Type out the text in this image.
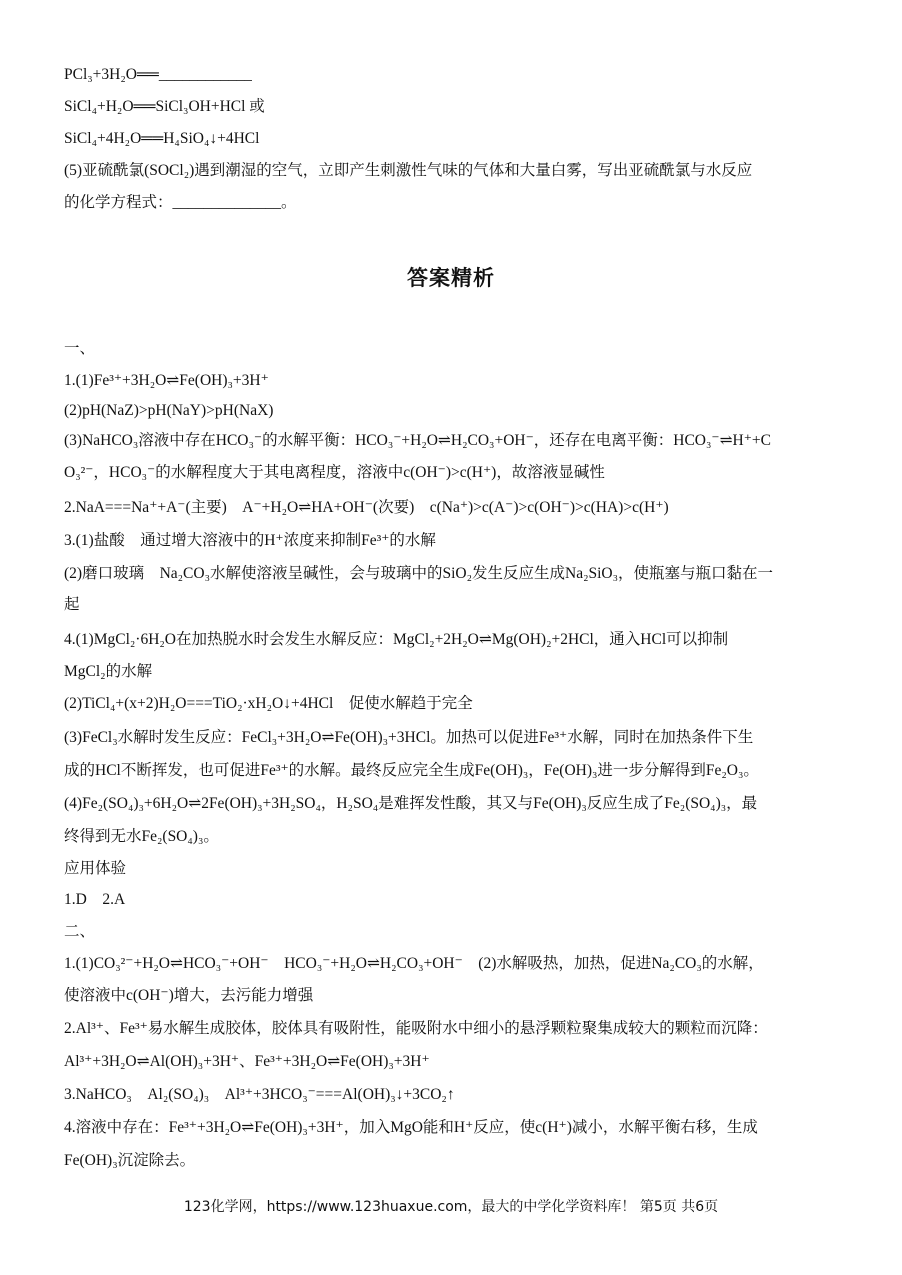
PCl₃+3H₂O══____________
SiCl₄+H₂O══SiCl₃OH+HCl 或
SiCl₄+4H₂O══H₄SiO₄↓+4HCl
(5)亚硫酰氯(SOCl₂)遇到潮湿的空气，立即产生刺激性气味的气体和大量白雾，写出亚硫酰氯与水反应
的化学方程式：______________。
答案精析
一、
1.(1)Fe³⁺+3H₂O⇌Fe(OH)₃+3H⁺
(2)pH(NaZ)>pH(NaY)>pH(NaX)
(3)NaHCO₃溶液中存在HCO₃⁻的水解平衡：HCO₃⁻+H₂O⇌H₂CO₃+OH⁻，还存在电离平衡：HCO₃⁻⇌H⁺+C
O₃²⁻，HCO₃⁻的水解程度大于其电离程度，溶液中c(OH⁻)>c(H⁺)，故溶液显碱性
2.NaA===Na⁺+A⁻(主要)　A⁻+H₂O⇌HA+OH⁻(次要)　c(Na⁺)>c(A⁻)>c(OH⁻)>c(HA)>c(H⁺)
3.(1)盐酸　通过增大溶液中的H⁺浓度来抑制Fe³⁺的水解
(2)磨口玻璃　Na₂CO₃水解使溶液呈碱性，会与玻璃中的SiO₂发生反应生成Na₂SiO₃，使瓶塞与瓶口黏在一
起
4.(1)MgCl₂·6H₂O在加热脱水时会发生水解反应：MgCl₂+2H₂O⇌Mg(OH)₂+2HCl，通入HCl可以抑制
MgCl₂的水解
(2)TiCl₄+(x+2)H₂O===TiO₂·xH₂O↓+4HCl　促使水解趋于完全
(3)FeCl₃水解时发生反应：FeCl₃+3H₂O⇌Fe(OH)₃+3HCl。加热可以促进Fe³⁺水解，同时在加热条件下生
成的HCl不断挥发，也可促进Fe³⁺的水解。最终反应完全生成Fe(OH)₃，Fe(OH)₃进一步分解得到Fe₂O₃。
(4)Fe₂(SO₄)₃+6H₂O⇌2Fe(OH)₃+3H₂SO₄，H₂SO₄是难挥发性酸，其又与Fe(OH)₃反应生成了Fe₂(SO₄)₃，最
终得到无水Fe₂(SO₄)₃。
应用体验
1.D　2.A
二、
1.(1)CO₃²⁻+H₂O⇌HCO₃⁻+OH⁻　HCO₃⁻+H₂O⇌H₂CO₃+OH⁻　(2)水解吸热，加热，促进Na₂CO₃的水解，
使溶液中c(OH⁻)增大，去污能力增强
2.Al³⁺、Fe³⁺易水解生成胶体，胶体具有吸附性，能吸附水中细小的悬浮颗粒聚集成较大的颗粒而沉降：
Al³⁺+3H₂O⇌Al(OH)₃+3H⁺、Fe³⁺+3H₂O⇌Fe(OH)₃+3H⁺
3.NaHCO₃　Al₂(SO₄)₃　Al³⁺+3HCO₃⁻===Al(OH)₃↓+3CO₂↑
4.溶液中存在：Fe³⁺+3H₂O⇌Fe(OH)₃+3H⁺，加入MgO能和H⁺反应，使c(H⁺)减小，水解平衡右移，生成
Fe(OH)₃沉淀除去。
123化学网，https://www.123huaxue.com，最大的中学化学资料库！ 第5页 共6页
